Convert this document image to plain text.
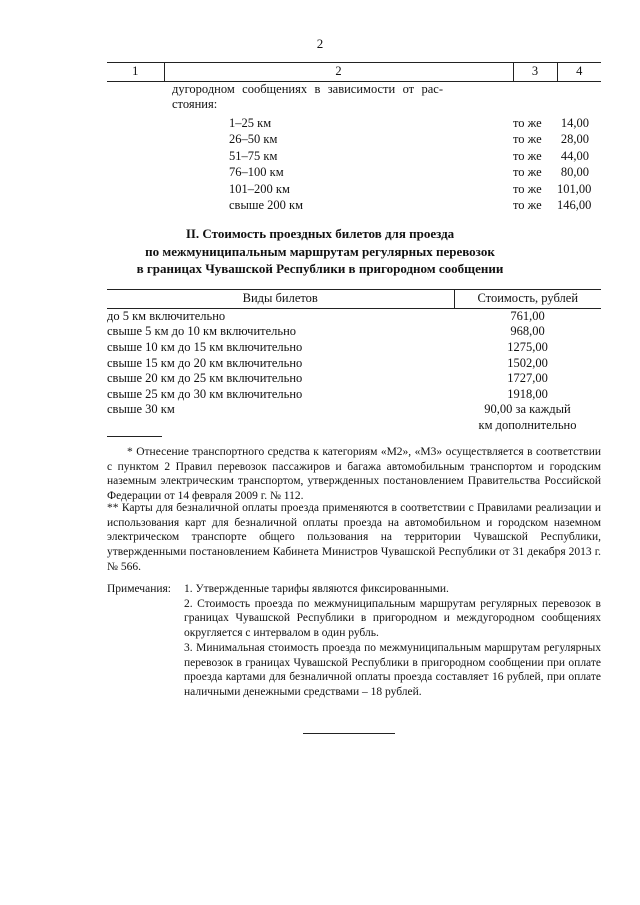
2
1	2	3	4
дугородном сообщениях в зависимости от расстояния:			
	1–25 км	то же	14,00
	26–50 км	то же	28,00
	51–75 км	то же	44,00
	76–100 км	то же	80,00
	101–200 км	то же	101,00
	свыше 200 км	то же	146,00
II. Стоимость проездных билетов для проезда
по межмуниципальным маршрутам регулярных перевозок
в границах Чувашской Республики в пригородном сообщении
Виды билетов	Стоимость, рублей
до 5 км включительно	761,00
свыше 5 км до 10 км включительно	968,00
свыше 10 км до 15 км включительно	1275,00
свыше 15 км до 20 км включительно	1502,00
свыше 20 км до 25 км включительно	1727,00
свыше 25 км до 30 км включительно	1918,00
свыше 30 км	90,00 за каждый км дополнительно
* Отнесение транспортного средства к категориям «М2», «М3» осуществляется в соответствии с пунктом 2 Правил перевозок пассажиров и багажа автомобильным транспортом и городским наземным электрическим транспортом, утвержденных постановлением Правительства Российской Федерации от 14 февраля 2009 г. № 112.
** Карты для безналичной оплаты проезда применяются в соответствии с Правилами реализации и использования карт для безналичной оплаты проезда на автомобильном и городском наземном электрическом транспорте общего пользования на территории Чувашской Республики, утвержденными постановлением Кабинета Министров Чувашской Республики от 31 декабря 2013 г. № 566.
Примечания: 1. Утвержденные тарифы являются фиксированными.
2. Стоимость проезда по межмуниципальным маршрутам регулярных перевозок в границах Чувашской Республики в пригородном и междугородном сообщениях округляется с интервалом в один рубль.
3. Минимальная стоимость проезда по межмуниципальным маршрутам регулярных перевозок в границах Чувашской Республики в пригородном сообщении при оплате проезда картами для безналичной оплаты проезда составляет 16 рублей, при оплате наличными денежными средствами – 18 рублей.
